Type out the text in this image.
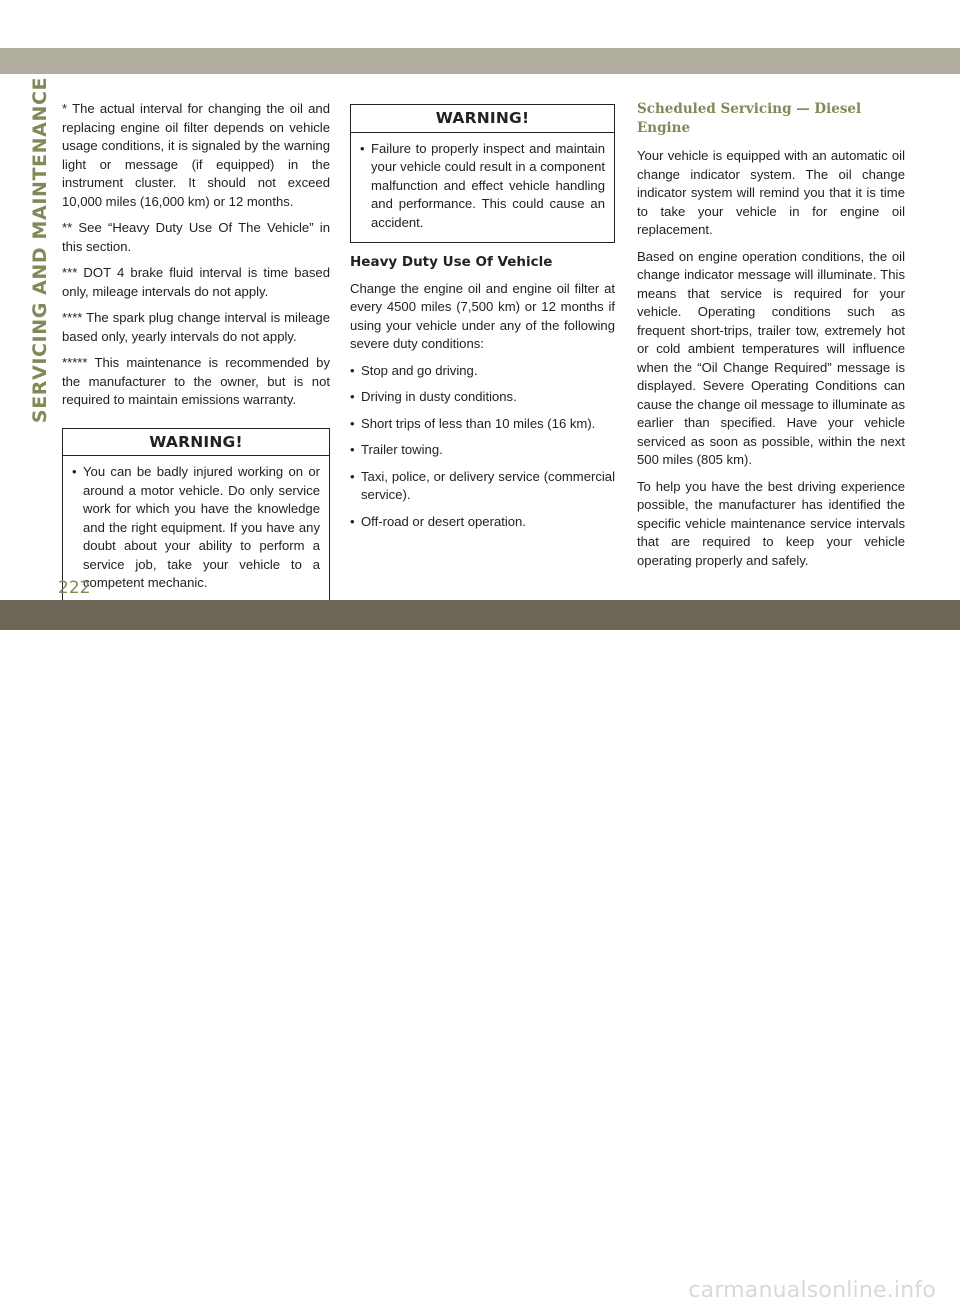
SERVICING AND MAINTENANCE * The actual interval for changing the oil and replacing engine oil filter depends on vehicle usage conditions, it is signaled by the warning light or message (if equipped) in the instrument cluster. It should not exceed 10,000 miles (16,000 km) or 12 months.

** See “Heavy Duty Use Of The Vehicle” in this section.

*** DOT 4 brake fluid interval is time based only, mileage intervals do not apply.

**** The spark plug change interval is mileage based only, yearly intervals do not apply.

***** This maintenance is recommended by the manufacturer to the owner, but is not required to maintain emissions warranty.

WARNING!
• You can be badly injured working on or around a motor vehicle. Do only service work for which you have the knowledge and the right equipment. If you have any doubt about your ability to perform a service job, take your vehicle to a competent mechanic.
WARNING!
• Failure to properly inspect and maintain your vehicle could result in a component malfunction and effect vehicle handling and performance. This could cause an accident.
Heavy Duty Use Of Vehicle

Change the engine oil and engine oil filter at every 4500 miles (7,500 km) or 12 months if using your vehicle under any of the following severe duty conditions:

• Stop and go driving.
• Driving in dusty conditions.
• Short trips of less than 10 miles (16 km).
• Trailer towing.
• Taxi, police, or delivery service (commercial service).
• Off-road or desert operation.
Scheduled Servicing — Diesel Engine

Your vehicle is equipped with an automatic oil change indicator system. The oil change indicator system will remind you that it is time to take your vehicle in for engine oil replacement.

Based on engine operation conditions, the oil change indicator message will illuminate. This means that service is required for your vehicle. Operating conditions such as frequent short-trips, trailer tow, extremely hot or cold ambient temperatures will influence when the “Oil Change Required” message is displayed. Severe Operating Conditions can cause the change oil message to illuminate as earlier than specified. Have your vehicle serviced as soon as possible, within the next 500 miles (805 km).

To help you have the best driving experience possible, the manufacturer has identified the specific vehicle maintenance service intervals that are required to keep your vehicle operating properly and safely.

222
carmanualsonline.info
